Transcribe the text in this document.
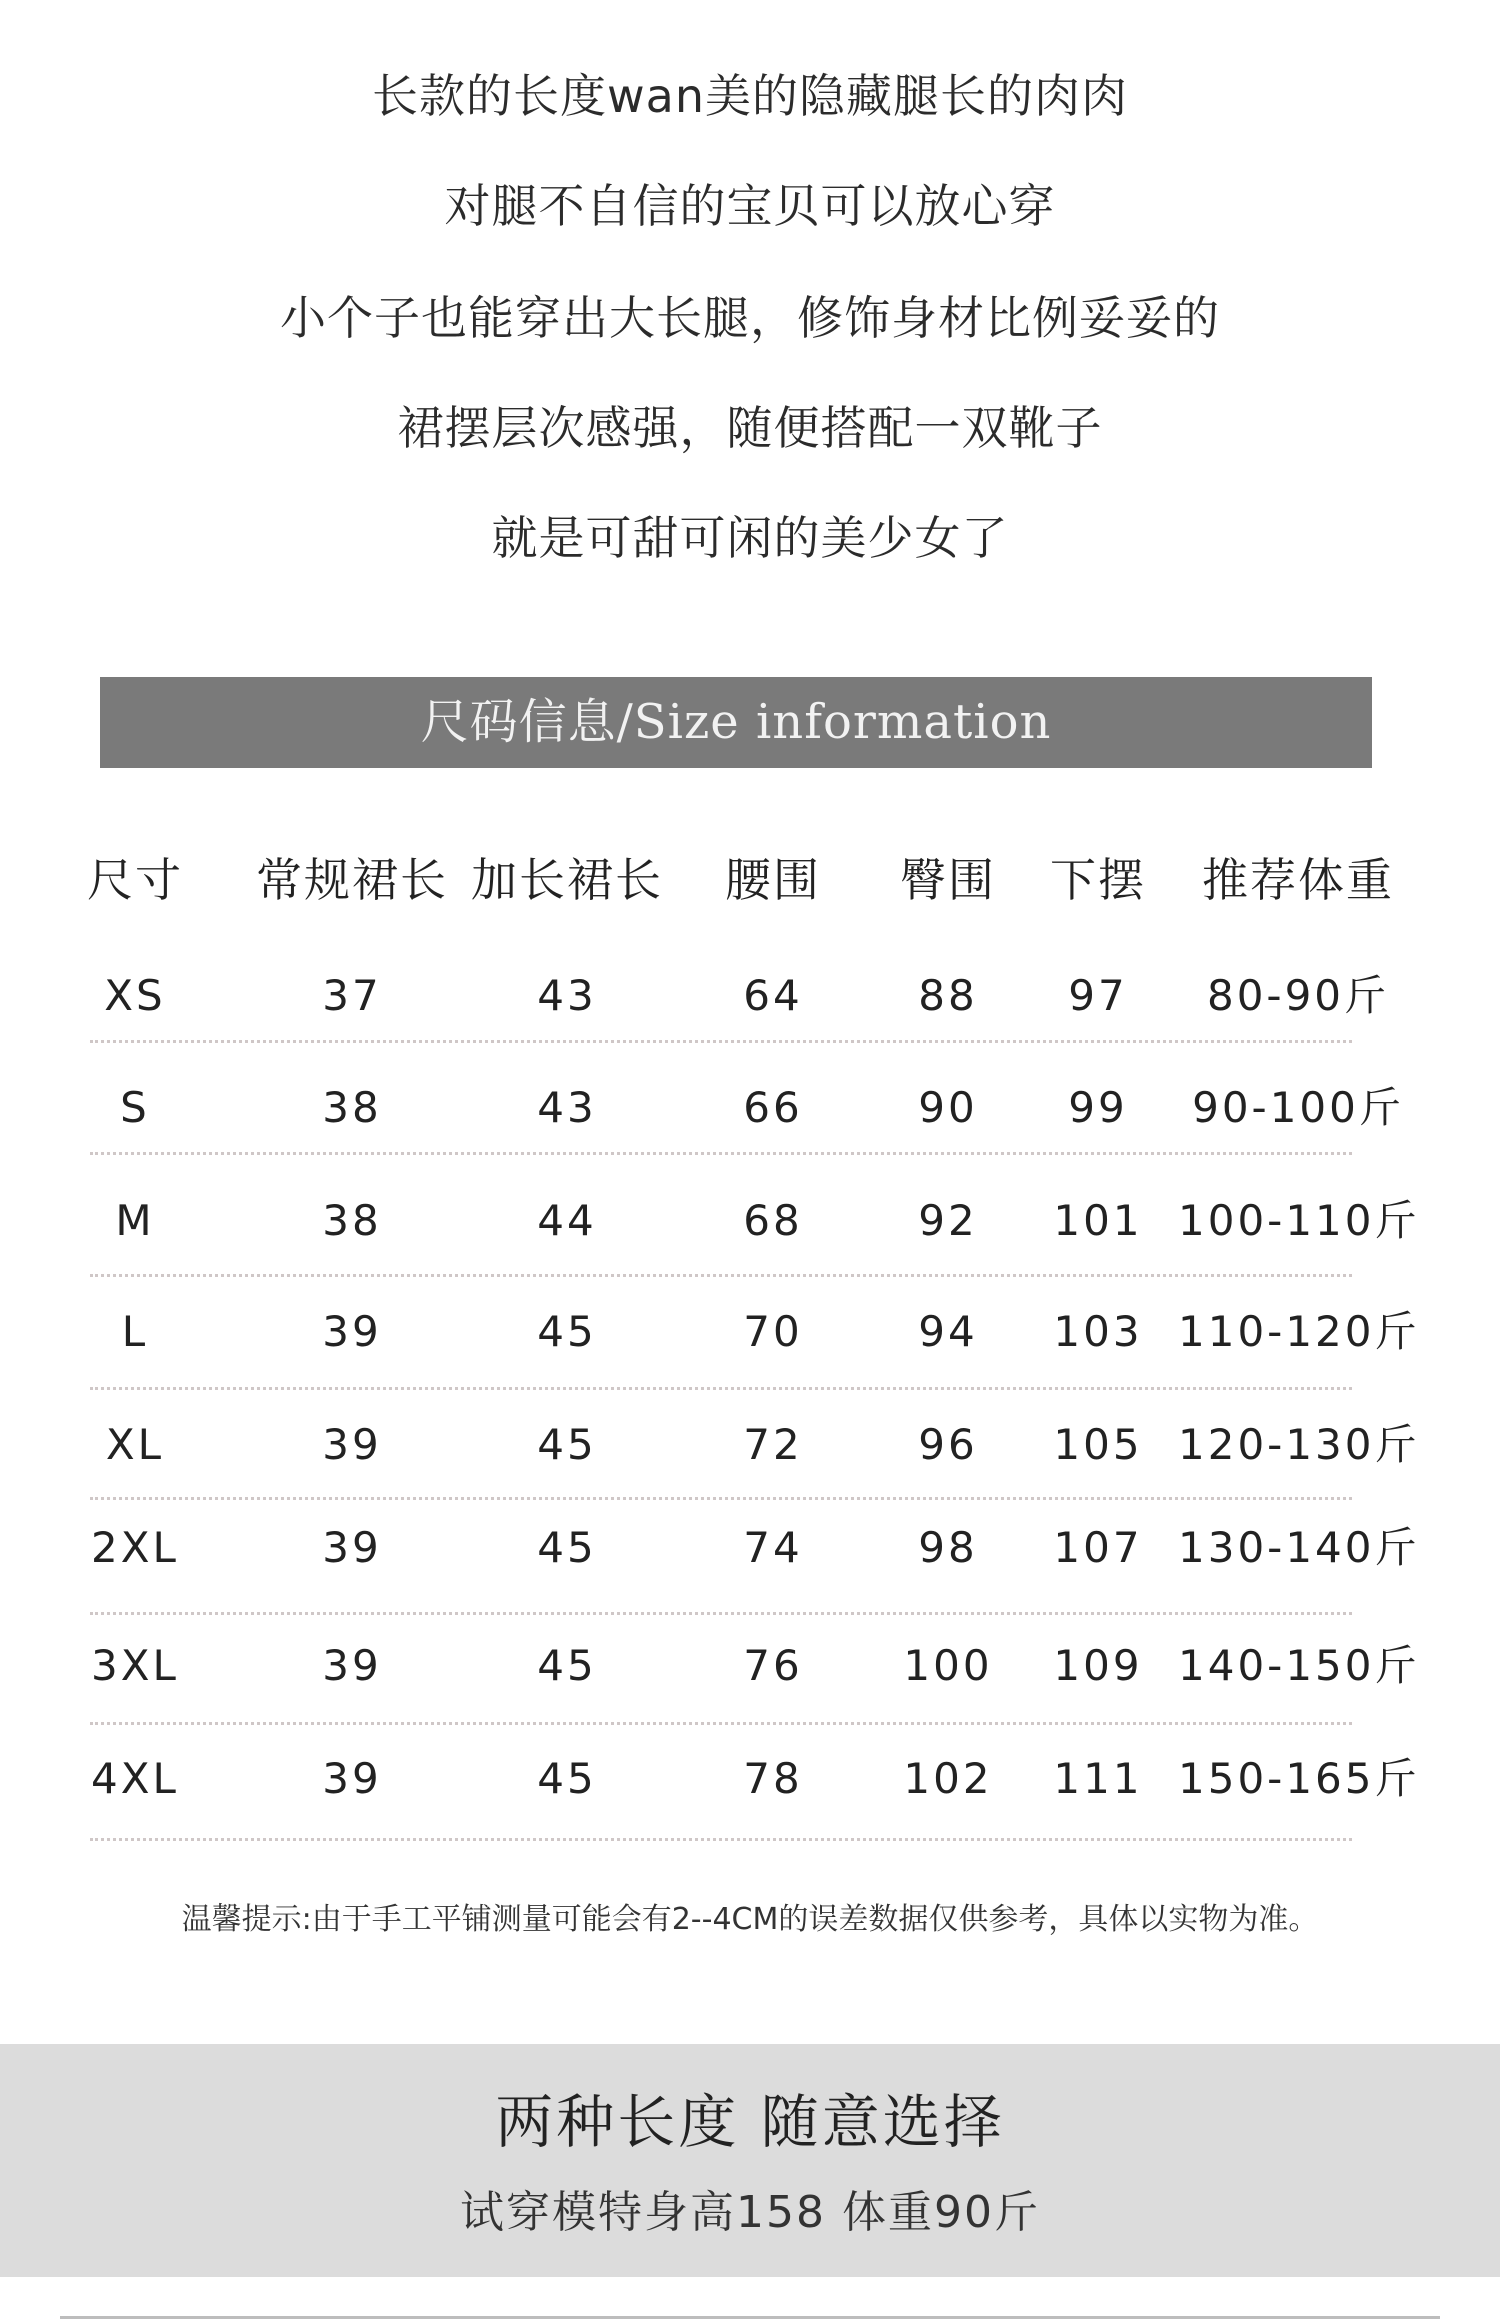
长款的长度wan美的隐藏腿长的肉肉
对腿不自信的宝贝可以放心穿
小个子也能穿出大长腿，修饰身材比例妥妥的
裙摆层次感强，随便搭配一双靴子
就是可甜可闲的美少女了
尺码信息/Size information
尺寸	常规裙长 加长裙长	腰围	臀围	下摆	推荐体重
XS	37	43	64	88	97	80-90斤
S	38	43	66	90	99	90-100斤
M	38	44	68	92	101 100-110斤
L	39	45	70	94	103 110-120斤
XL	39	45	72	96	105 120-130斤
2XL	39	45	74	98	107 130-140斤
3XL	39	45	76	100	109 140-150斤
4XL	39	45	78	102	111 150-165斤
温馨提示:由于手工平铺测量可能会有2--4CM的误差数据仅供参考，具体以实物为准。
两种长度 随意选择
试穿模特身高158 体重90斤
